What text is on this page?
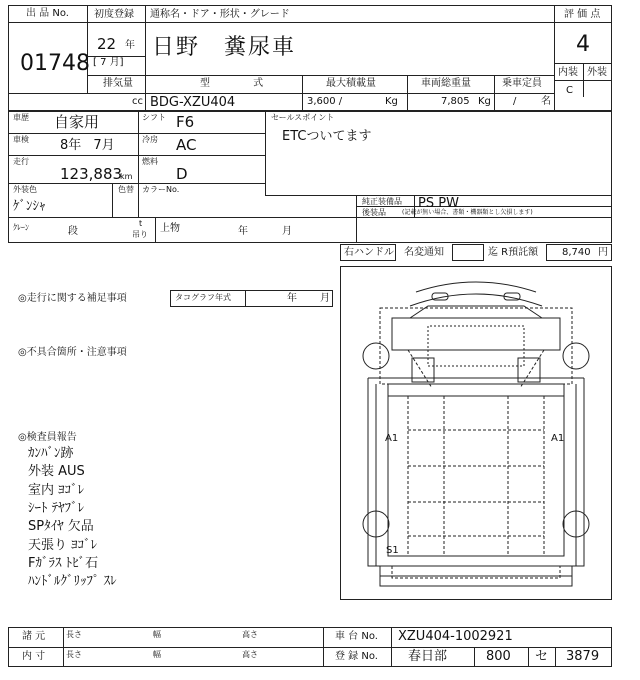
出 品 No.
01748
初度登録
22 年
[ 7 月]
通称名・ドア・形状・グレード
日野　糞尿車
評 価 点
4
内装 外装
C
排気量
cc
型 式
BDG-XZU404
最大積載量
3,600 /	Kg
車両総重量
7,805 Kg
乗車定員
/ 名
車歴 自家用	シフト F6
車検 8年 7月	冷房 AC
走行
123,883
km
燃料
D
外装色
ｹﾞﾝｼｬ
色替 カラーNo.
セールスポイント
ETCついてます
純正装備品 PS PW
後装品	(記載が無い場合、書類・機器類とし欠損します)
ｸﾚｰﾝ	段
t
吊り
上物	年	月
右ハンドル 名変通知	迄 R預託額 8,740 円
◎走行に関する補足事項	タコグラフ年式	年 月
◎不具合箇所・注意事項
◎検査員報告
ｶﾝﾊﾞﾝ跡
外装 AUS
室内 ﾖｺﾞﾚ
ｼｰﾄ ﾃﾔﾌﾞﾚ
SPﾀｲﾔ 欠品
天張り ﾖｺﾞﾚ
Fｶﾞﾗｽ ﾄﾋﾞ石
ﾊﾝﾄﾞﾙｸﾞﾘｯﾌﾟ ｽﾚ
A1	A1
S1
諸 元	長さ	幅	高さ
内 寸	長さ	幅	高さ
車 台 No. XZU404-1002921
登 録 No. 春日部	800 セ 3879
